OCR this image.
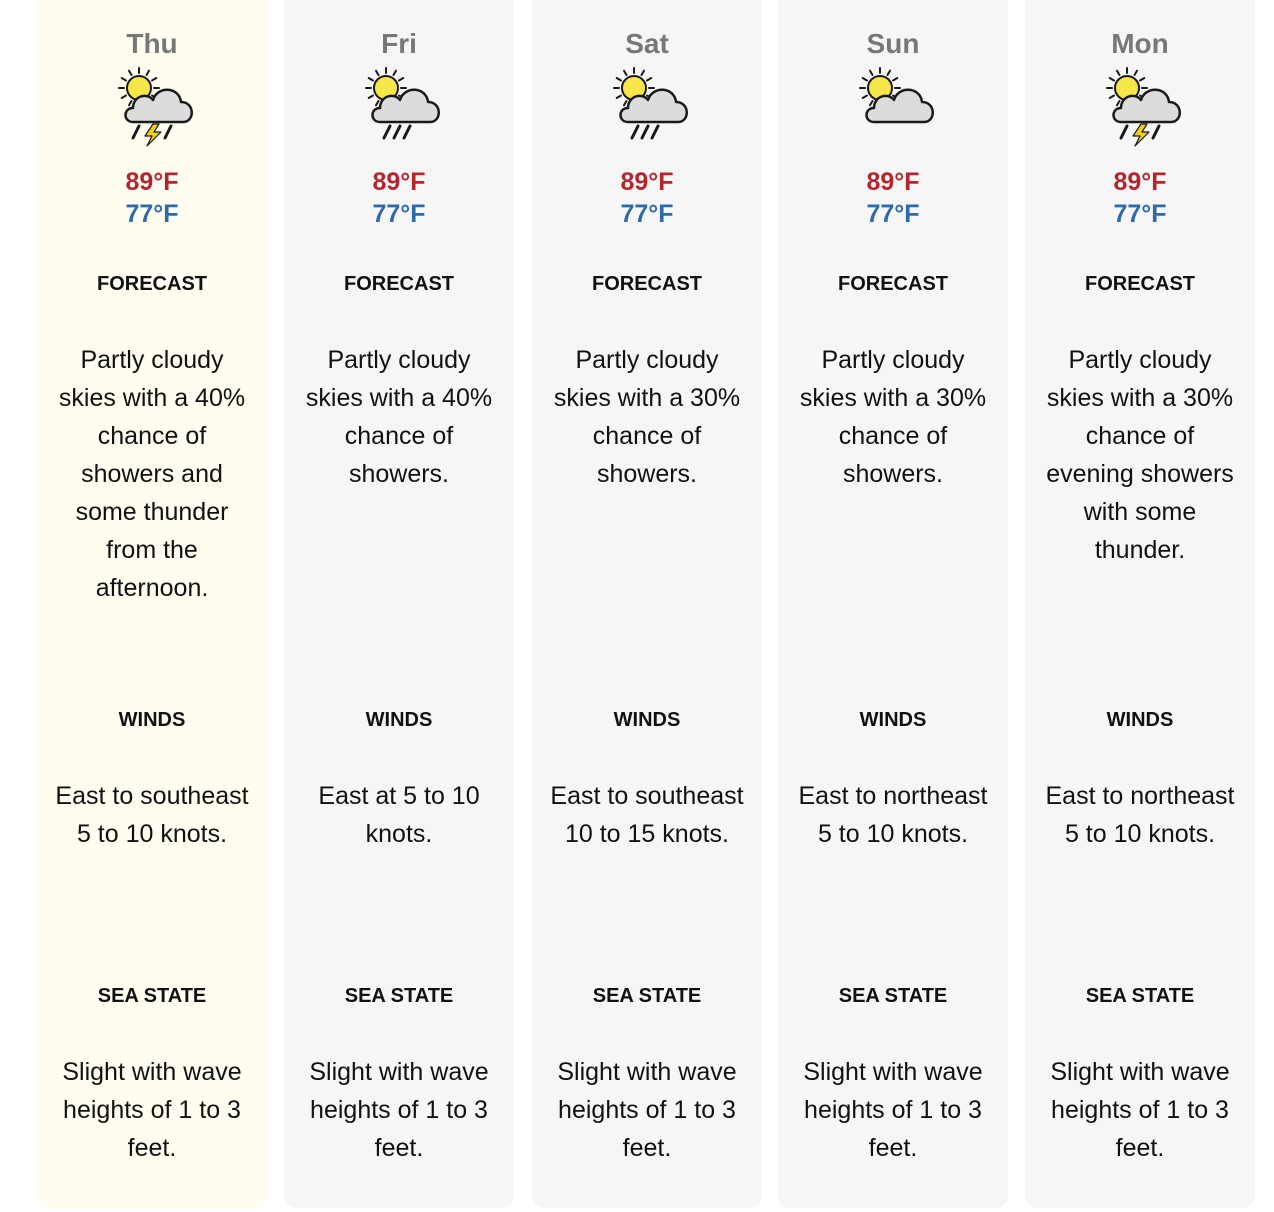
Thu
89°F
77°F
FORECAST
Partly cloudy skies with a 40% chance of showers and some thunder from the afternoon.
WINDS
East to southeast 5 to 10 knots.
SEA STATE
Slight with wave heights of 1 to 3 feet.
Fri
89°F
77°F
FORECAST
Partly cloudy skies with a 40% chance of showers.
WINDS
East at 5 to 10 knots.
SEA STATE
Slight with wave heights of 1 to 3 feet.
Sat
89°F
77°F
FORECAST
Partly cloudy skies with a 30% chance of showers.
WINDS
East to southeast 10 to 15 knots.
SEA STATE
Slight with wave heights of 1 to 3 feet.
Sun
89°F
77°F
FORECAST
Partly cloudy skies with a 30% chance of showers.
WINDS
East to northeast 5 to 10 knots.
SEA STATE
Slight with wave heights of 1 to 3 feet.
Mon
89°F
77°F
FORECAST
Partly cloudy skies with a 30% chance of evening showers with some thunder.
WINDS
East to northeast 5 to 10 knots.
SEA STATE
Slight with wave heights of 1 to 3 feet.
